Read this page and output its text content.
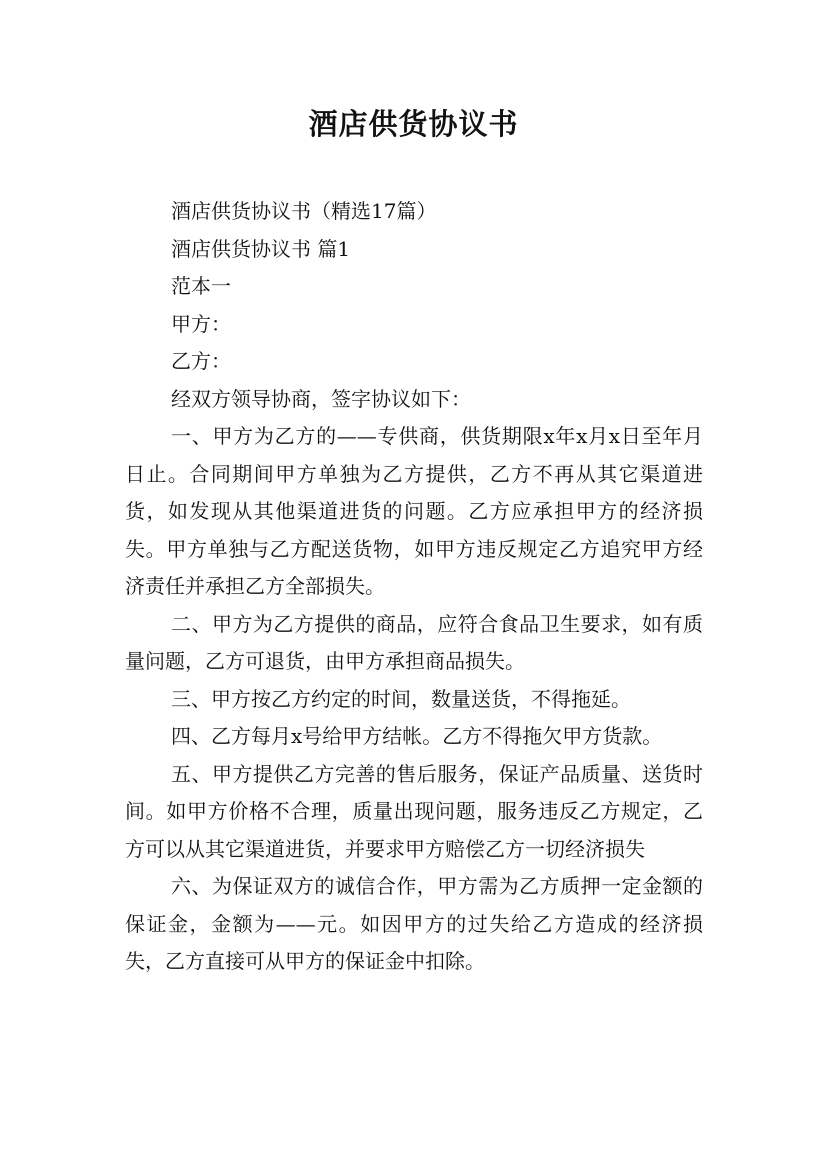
酒店供货协议书

酒店供货协议书（精选17篇）

酒店供货协议书 篇1

范本一

甲方：

乙方：

经双方领导协商，签字协议如下：

一、甲方为乙方的——专供商，供货期限x年x月x日至年月日止。合同期间甲方单独为乙方提供，乙方不再从其它渠道进货，如发现从其他渠道进货的问题。乙方应承担甲方的经济损失。甲方单独与乙方配送货物，如甲方违反规定乙方追究甲方经济责任并承担乙方全部损失。

二、甲方为乙方提供的商品，应符合食品卫生要求，如有质量问题，乙方可退货，由甲方承担商品损失。

三、甲方按乙方约定的时间，数量送货，不得拖延。

四、乙方每月x号给甲方结帐。乙方不得拖欠甲方货款。

五、甲方提供乙方完善的售后服务，保证产品质量、送货时间。如甲方价格不合理，质量出现问题，服务违反乙方规定，乙方可以从其它渠道进货，并要求甲方赔偿乙方一切经济损失

六、为保证双方的诚信合作，甲方需为乙方质押一定金额的保证金，金额为——元。如因甲方的过失给乙方造成的经济损失，乙方直接可从甲方的保证金中扣除。
